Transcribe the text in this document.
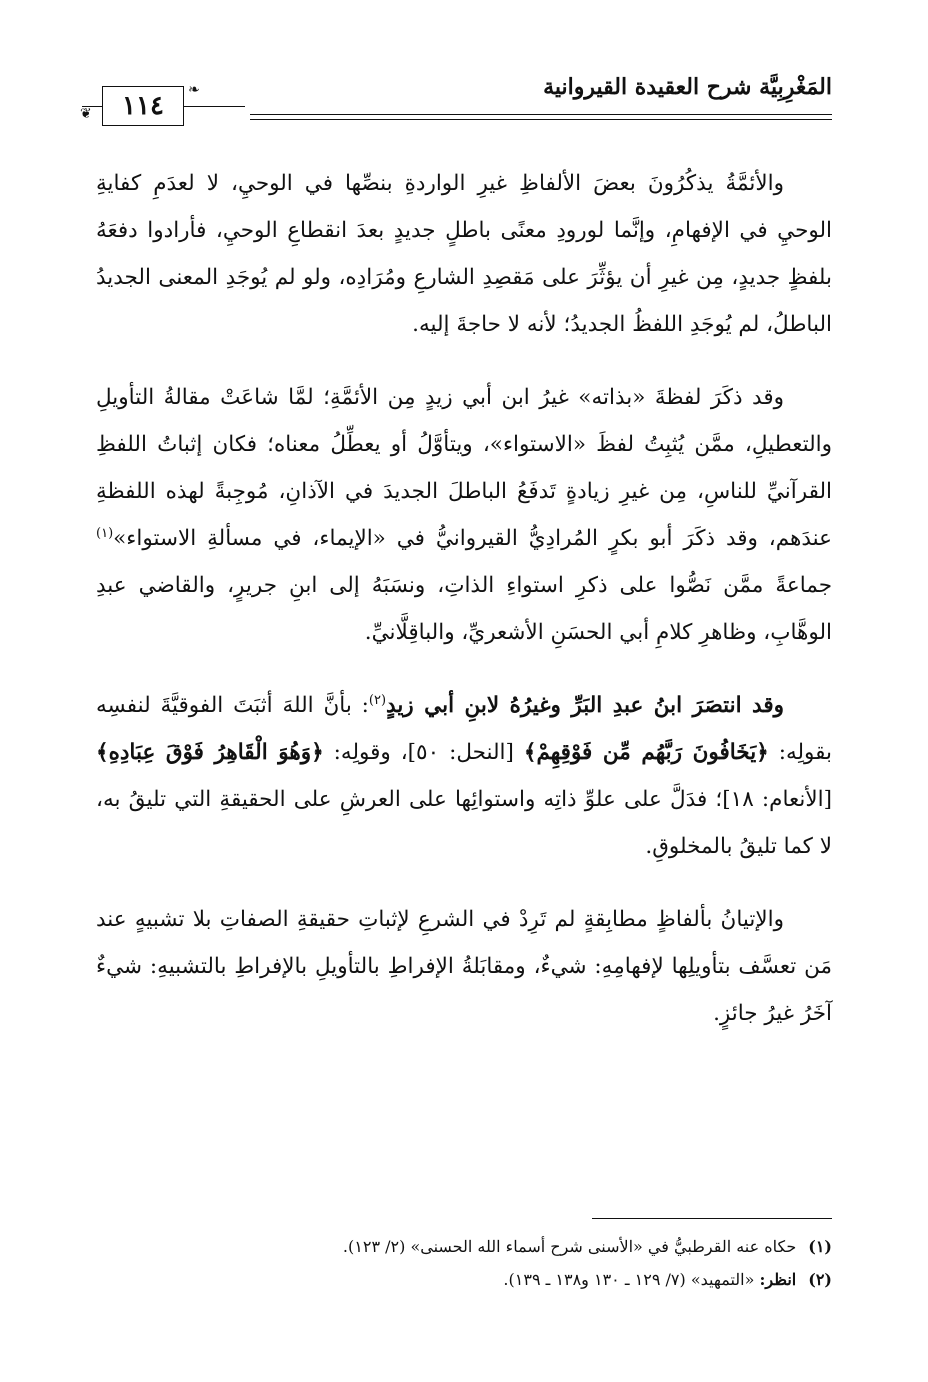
المَغْرِبِيَّة شرح العقيدة القيروانية
❦
❧
١١٤

والأئمَّةُ يذكُرُونَ بعضَ الألفاظِ غيرِ الواردةِ بنصِّها في الوحيِ، لا لعدَمِ كفايةِ الوحيِ في الإفهامِ، وإنَّما لورودِ معنًى باطلٍ جديدٍ بعدَ انقطاعِ الوحيِ، فأرادوا دفعَهُ بلفظٍ جديدٍ، مِن غيرِ أن يؤثِّرَ على مَقصِدِ الشارعِ ومُرَادِه، ولو لم يُوجَدِ المعنى الجديدُ الباطلُ، لم يُوجَدِ اللفظُ الجديدُ؛ لأنه لا حاجةَ إليه.

وقد ذكَرَ لفظةَ «بذاته» غيرُ ابن أبي زيدٍ مِن الأئمَّةِ؛ لمَّا شاعَتْ مقالةُ التأويلِ والتعطيلِ، ممَّن يُثبِتُ لفظَ «الاستواء»، ويتأوَّلُ أو يعطِّلُ معناه؛ فكان إثباتُ اللفظِ القرآنيِّ للناسِ، مِن غيرِ زيادةٍ تَدفَعُ الباطلَ الجديدَ في الآذانِ، مُوجِبةً لهذه اللفظةِ عندَهم، وقد ذكَرَ أبو بكرٍ المُرادِيُّ القيروانيُّ في «الإيماء، في مسألةِ الاستواء»$^{(١)}$ جماعةً ممَّن نَصُّوا على ذكرِ استواءِ الذاتِ، ونسَبَهُ إلى ابنِ جريرٍ، والقاضي عبدِ الوهَّابِ، وظاهرِ كلامِ أبي الحسَنِ الأشعريِّ، والباقِلَّانيِّ.

وقد انتصَرَ ابنُ عبدِ البَرِّ وغيرُهُ لابنِ أبي زيدٍ$^{(٢)}$: بأنَّ اللهَ أثبَتَ الفوقيَّةَ لنفسِه بقولِه: ﴿يَخَافُونَ رَبَّهُم مِّن فَوْقِهِمْ﴾ [النحل: ٥٠]، وقولِه: ﴿وَهُوَ الْقَاهِرُ فَوْقَ عِبَادِهِ﴾ [الأنعام: ١٨]؛ فدَلَّ على علوِّ ذاتِه واستوائِها على العرشِ على الحقيقةِ التي تليقُ به، لا كما تليقُ بالمخلوقِ.

والإتيانُ بألفاظٍ مطابِقةٍ لم تَرِدْ في الشرعِ لإثباتِ حقيقةِ الصفاتِ بلا تشبيهٍ عند مَن تعسَّف بتأويلِها لإفهامِهِ: شيءٌ، ومقابَلةُ الإفراطِ بالتأويلِ بالإفراطِ بالتشبيهِ: شيءٌ آخَرُ غيرُ جائزٍ.

(١)حكاه عنه القرطبيُّ في «الأسنى شرح أسماء الله الحسنى» (٢/ ١٢٣).
(٢)انظر: «التمهيد» (٧/ ١٢٩ ـ ١٣٠ و١٣٨ ـ ١٣٩).
